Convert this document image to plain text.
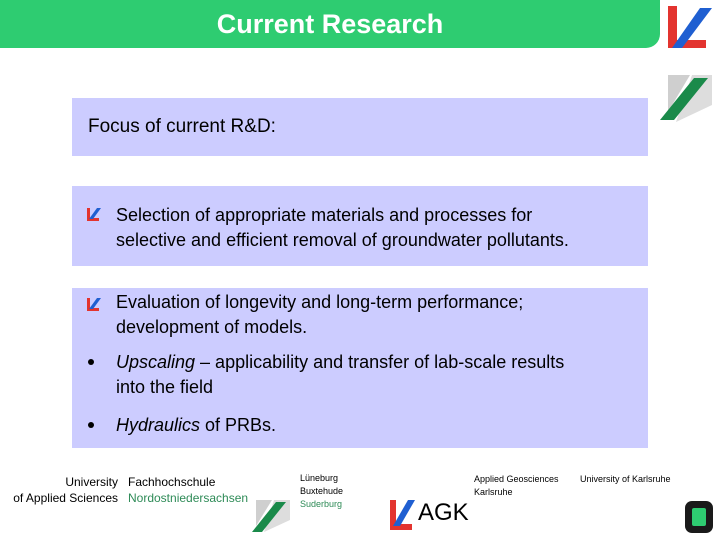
Current Research
Focus of current R&D:
Selection of appropriate materials and processes for
selective and efficient removal of groundwater pollutants.
Evaluation of longevity and long-term performance;
development of models.
Upscaling – applicability and transfer of lab-scale results
into the field
Hydraulics of PRBs.
University
of Applied Sciences
Fachhochschule
Nordostniedersachsen
Lüneburg
Buxtehude
Suderburg	AGK
Applied Geosciences
Karlsruhe
University of Karlsruhe
